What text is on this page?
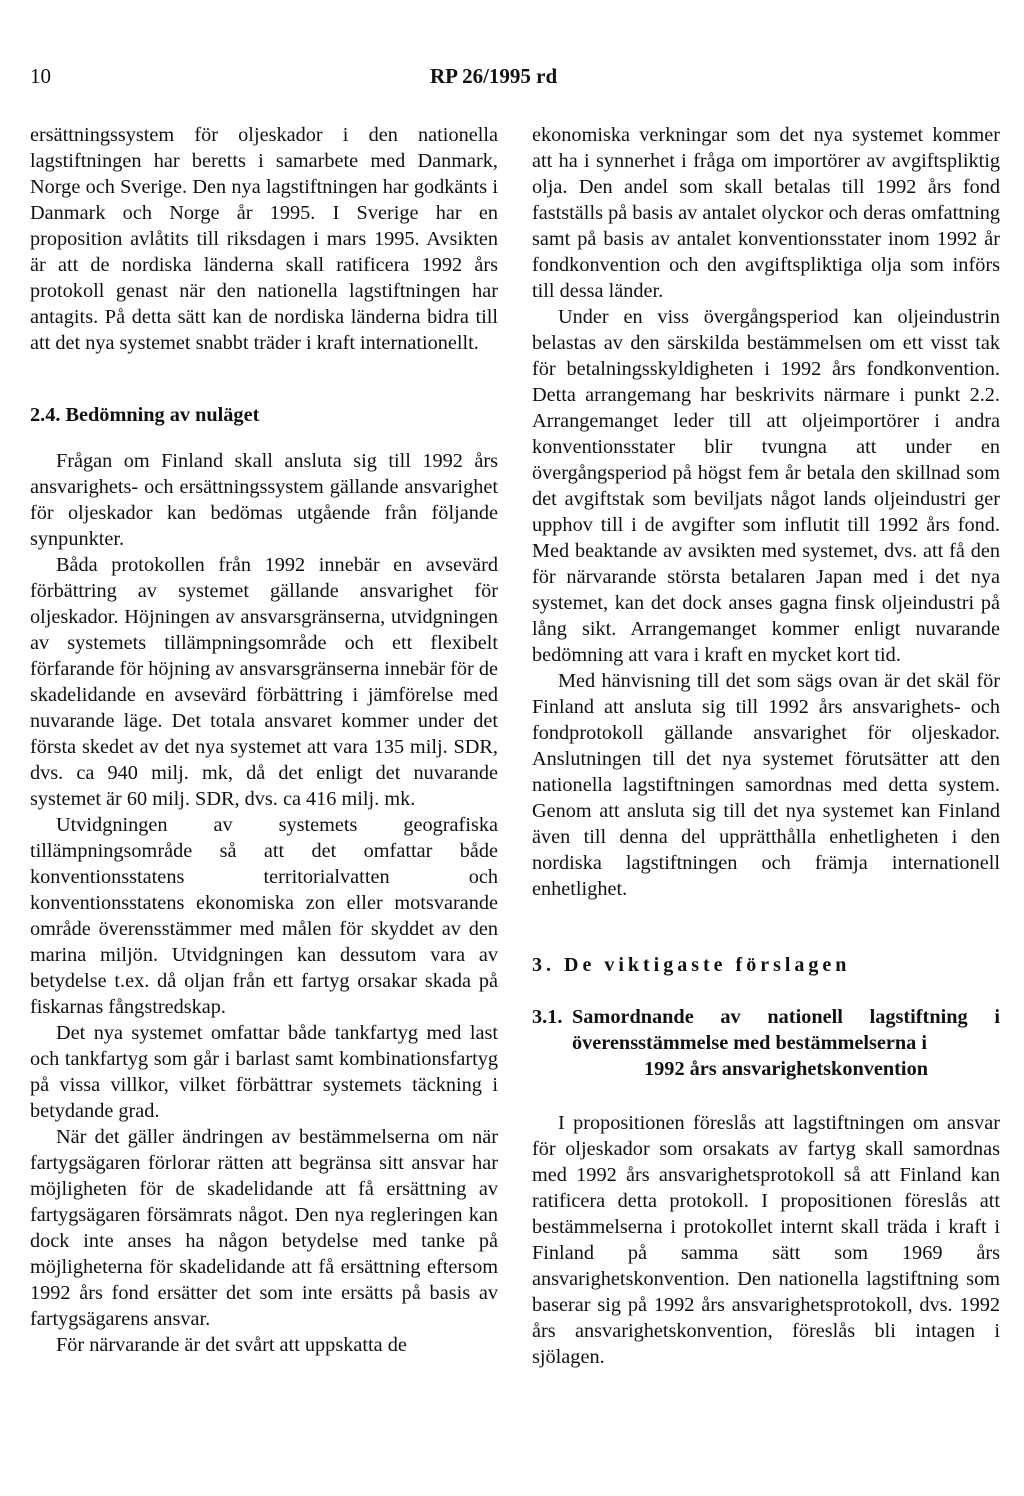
10	RP 26/1995 rd

ersättningssystem för oljeskador i den nationella lagstiftningen har beretts i samarbete med Danmark, Norge och Sverige. Den nya lagstiftningen har godkänts i Danmark och Norge år 1995. I Sverige har en proposition avlåtits till riksdagen i mars 1995. Avsikten är att de nordiska länderna skall ratificera 1992 års protokoll genast när den nationella lagstiftningen har antagits. På detta sätt kan de nordiska länderna bidra till att det nya systemet snabbt träder i kraft internationellt.

2.4. Bedömning av nuläget

Frågan om Finland skall ansluta sig till 1992 års ansvarighets- och ersättningssystem gällande ansvarighet för oljeskador kan bedömas utgående från följande synpunkter.

Båda protokollen från 1992 innebär en avsevärd förbättring av systemet gällande ansvarighet för oljeskador. Höjningen av ansvarsgränserna, utvidgningen av systemets tillämpningsområde och ett flexibelt förfarande för höjning av ansvarsgränserna innebär för de skadelidande en avsevärd förbättring i jämförelse med nuvarande läge. Det totala ansvaret kommer under det första skedet av det nya systemet att vara 135 milj. SDR, dvs. ca 940 milj. mk, då det enligt det nuvarande systemet är 60 milj. SDR, dvs. ca 416 milj. mk.

Utvidgningen av systemets geografiska tillämpningsområde så att det omfattar både konventionsstatens territorialvatten och konventionsstatens ekonomiska zon eller motsvarande område överensstämmer med målen för skyddet av den marina miljön. Utvidgningen kan dessutom vara av betydelse t.ex. då oljan från ett fartyg orsakar skada på fiskarnas fångstredskap.

Det nya systemet omfattar både tankfartyg med last och tankfartyg som går i barlast samt kombinationsfartyg på vissa villkor, vilket förbättrar systemets täckning i betydande grad.

När det gäller ändringen av bestämmelserna om när fartygsägaren förlorar rätten att begränsa sitt ansvar har möjligheten för de skadelidande att få ersättning av fartygsägaren försämrats något. Den nya regleringen kan dock inte anses ha någon betydelse med tanke på möjligheterna för skadelidande att få ersättning eftersom 1992 års fond ersätter det som inte ersätts på basis av fartygsägarens ansvar.

För närvarande är det svårt att uppskatta de

ekonomiska verkningar som det nya systemet kommer att ha i synnerhet i fråga om importörer av avgiftspliktig olja. Den andel som skall betalas till 1992 års fond fastställs på basis av antalet olyckor och deras omfattning samt på basis av antalet konventionsstater inom 1992 år fondkonvention och den avgiftspliktiga olja som införs till dessa länder.

Under en viss övergångsperiod kan oljeindustrin belastas av den särskilda bestämmelsen om ett visst tak för betalningsskyldigheten i 1992 års fondkonvention. Detta arrangemang har beskrivits närmare i punkt 2.2. Arrangemanget leder till att oljeimportörer i andra konventionsstater blir tvungna att under en övergångsperiod på högst fem år betala den skillnad som det avgiftstak som beviljats något lands oljeindustri ger upphov till i de avgifter som influtit till 1992 års fond. Med beaktande av avsikten med systemet, dvs. att få den för närvarande största betalaren Japan med i det nya systemet, kan det dock anses gagna finsk oljeindustri på lång sikt. Arrangemanget kommer enligt nuvarande bedömning att vara i kraft en mycket kort tid.

Med hänvisning till det som sägs ovan är det skäl för Finland att ansluta sig till 1992 års ansvarighets- och fondprotokoll gällande ansvarighet för oljeskador. Anslutningen till det nya systemet förutsätter att den nationella lagstiftningen samordnas med detta system. Genom att ansluta sig till det nya systemet kan Finland även till denna del upprätthålla enhetligheten i den nordiska lagstiftningen och främja internationell enhetlighet.

3. De viktigaste förslagen
3.1. Samordnande av nationell lagstiftning i överensstämmelse med bestämmelserna i
1992 års ansvarighetskonvention

I propositionen föreslås att lagstiftningen om ansvar för oljeskador som orsakats av fartyg skall samordnas med 1992 års ansvarighetsprotokoll så att Finland kan ratificera detta protokoll. I propositionen föreslås att bestämmelserna i protokollet internt skall träda i kraft i Finland på samma sätt som 1969 års ansvarighetskonvention. Den nationella lagstiftning som baserar sig på 1992 års ansvarighetsprotokoll, dvs. 1992 års ansvarighetskonvention, föreslås bli intagen i sjölagen.
